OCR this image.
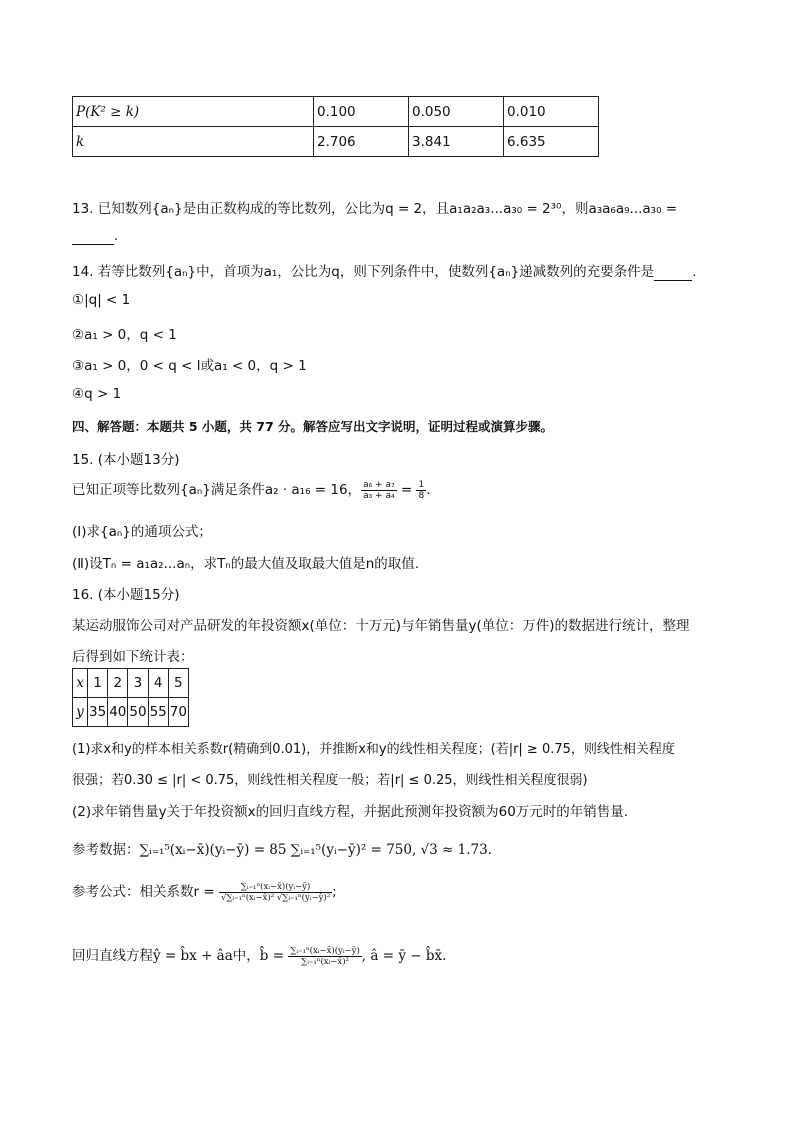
P(K² ≥ k)	0.100	0.050	0.010
k	2.706	3.841	6.635
13. 已知数列{aₙ}是由正数构成的等比数列，公比为q = 2，且a₁a₂a₃...a₃₀ = 2³⁰，则a₃a₆a₉...a₃₀ =
.
14. 若等比数列{aₙ}中，首项为a₁，公比为q，则下列条件中，使数列{aₙ}递减数列的充要条件是	.
①|q| < 1
②a₁ > 0，q < 1
③a₁ > 0，0 < q < l或a₁ < 0，q > 1
④q > 1
四、解答题：本题共 5 小题，共 77 分。解答应写出文字说明，证明过程或演算步骤。
15. (本小题13分)
已知正项等比数列{aₙ}满足条件a₂ · a₁₆ = 16， $\frac{\text{a₆ + a₇}}{\text{a₃ + a₄}} = \frac{1}{8}$ .
(Ⅰ)求{aₙ}的通项公式；
(Ⅱ)设Tₙ = a₁a₂...aₙ，求Tₙ的最大值及取最大值是n的取值.
16. (本小题15分)
某运动服饰公司对产品研发的年投资额x(单位：十万元)与年销售量y(单位：万件)的数据进行统计，整理
后得到如下统计表：
x	1	2	3	4	5
y	35	40	50	55	70
(1)求x和y的样本相关系数r(精确到0.01)，并推断x和y的线性相关程度；(若|r| ≥ 0.75，则线性相关程度
很强；若0.30 ≤ |r| < 0.75，则线性相关程度一般；若|r| ≤ 0.25，则线性相关程度很弱)
(2)求年销售量y关于年投资额x的回归直线方程，并据此预测年投资额为60万元时的年销售量.
参考数据：∑ᵢ₌₁⁵(xᵢ−x̄)(yᵢ−ȳ) = 85 ∑ᵢ₌₁⁵(yᵢ−ȳ)² = 750, √3 ≈ 1.73.
参考公式：相关系数$r = \frac{\text{∑ᵢ₌₁ⁿ(xᵢ−x̄)(yᵢ−ȳ)}}{\text{√∑ᵢ₌₁ⁿ(xᵢ−x̄)² √∑ᵢ₌₁ⁿ(yᵢ−ȳ)²}}$ ;
回归直线方程ŷ = b̂x + âa中，b̂ = $\frac{\text{∑ᵢ₌₁ⁿ(xᵢ−x̄)(yᵢ−ȳ)}}{\text{∑ᵢ₌₁ⁿ(xᵢ−x̄)²}}$ , â = ȳ − b̂x̄.
